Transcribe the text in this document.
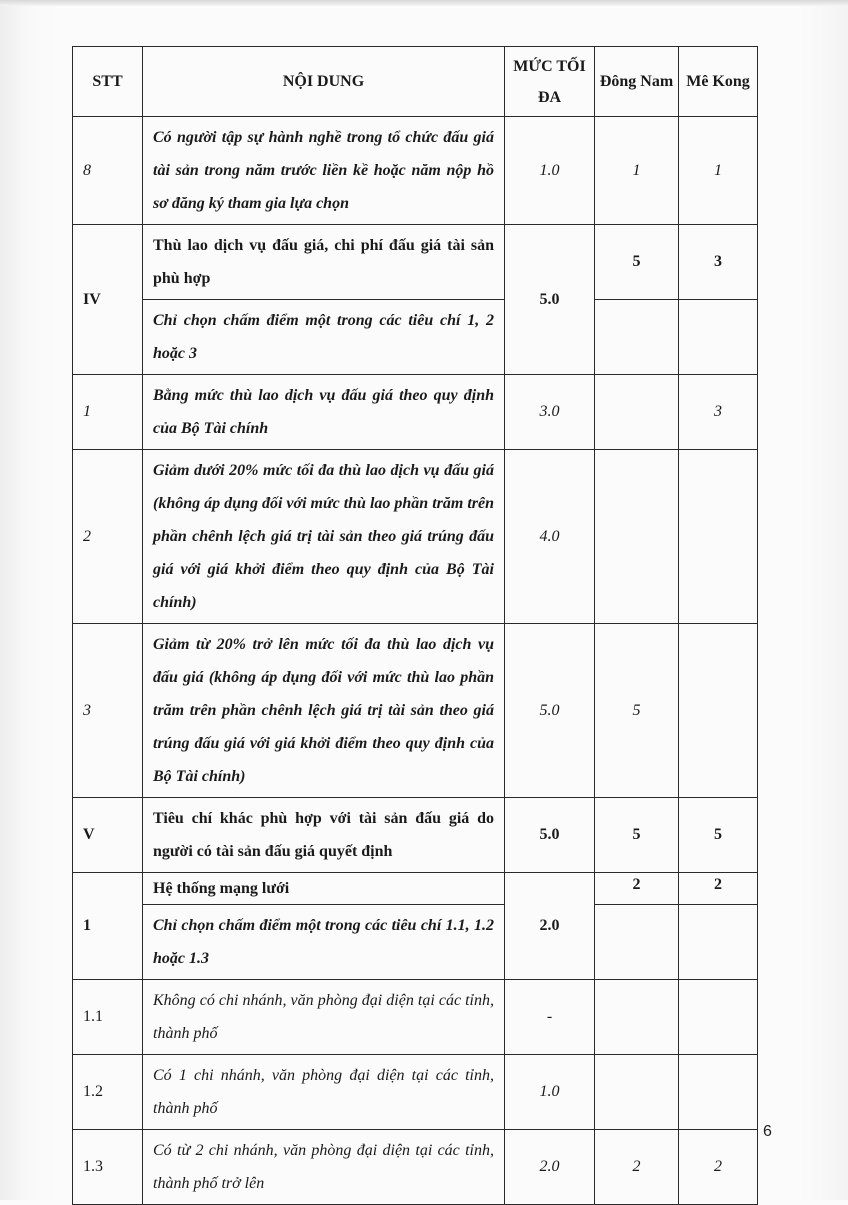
STT	NỘI DUNG	MỨC TỐI ĐA	Đông Nam	Mê Kong
8	Có người tập sự hành nghề trong tổ chức đấu giá tài sản trong năm trước liền kề hoặc năm nộp hồ sơ đăng ký tham gia lựa chọn	1.0	1	1
IV	Thù lao dịch vụ đấu giá, chi phí đấu giá tài sản phù hợp	5.0	5	3
	Chỉ chọn chấm điểm một trong các tiêu chí 1, 2 hoặc 3			
1	Bằng mức thù lao dịch vụ đấu giá theo quy định của Bộ Tài chính	3.0		3
2	Giảm dưới 20% mức tối đa thù lao dịch vụ đấu giá (không áp dụng đối với mức thù lao phần trăm trên phần chênh lệch giá trị tài sản theo giá trúng đấu giá với giá khởi điểm theo quy định của Bộ Tài chính)	4.0		
3	Giảm từ 20% trở lên mức tối đa thù lao dịch vụ đấu giá (không áp dụng đối với mức thù lao phần trăm trên phần chênh lệch giá trị tài sản theo giá trúng đấu giá với giá khởi điểm theo quy định của Bộ Tài chính)	5.0	5	
V	Tiêu chí khác phù hợp với tài sản đấu giá do người có tài sản đấu giá quyết định	5.0	5	5
1	Hệ thống mạng lưới	2.0	2	2
	Chỉ chọn chấm điểm một trong các tiêu chí 1.1, 1.2 hoặc 1.3			
1.1	Không có chi nhánh, văn phòng đại diện tại các tỉnh, thành phố	-		
1.2	Có 1 chi nhánh, văn phòng đại diện tại các tỉnh, thành phố	1.0		
1.3	Có từ 2 chi nhánh, văn phòng đại diện tại các tỉnh, thành phố trở lên	2.0	2	2
6
